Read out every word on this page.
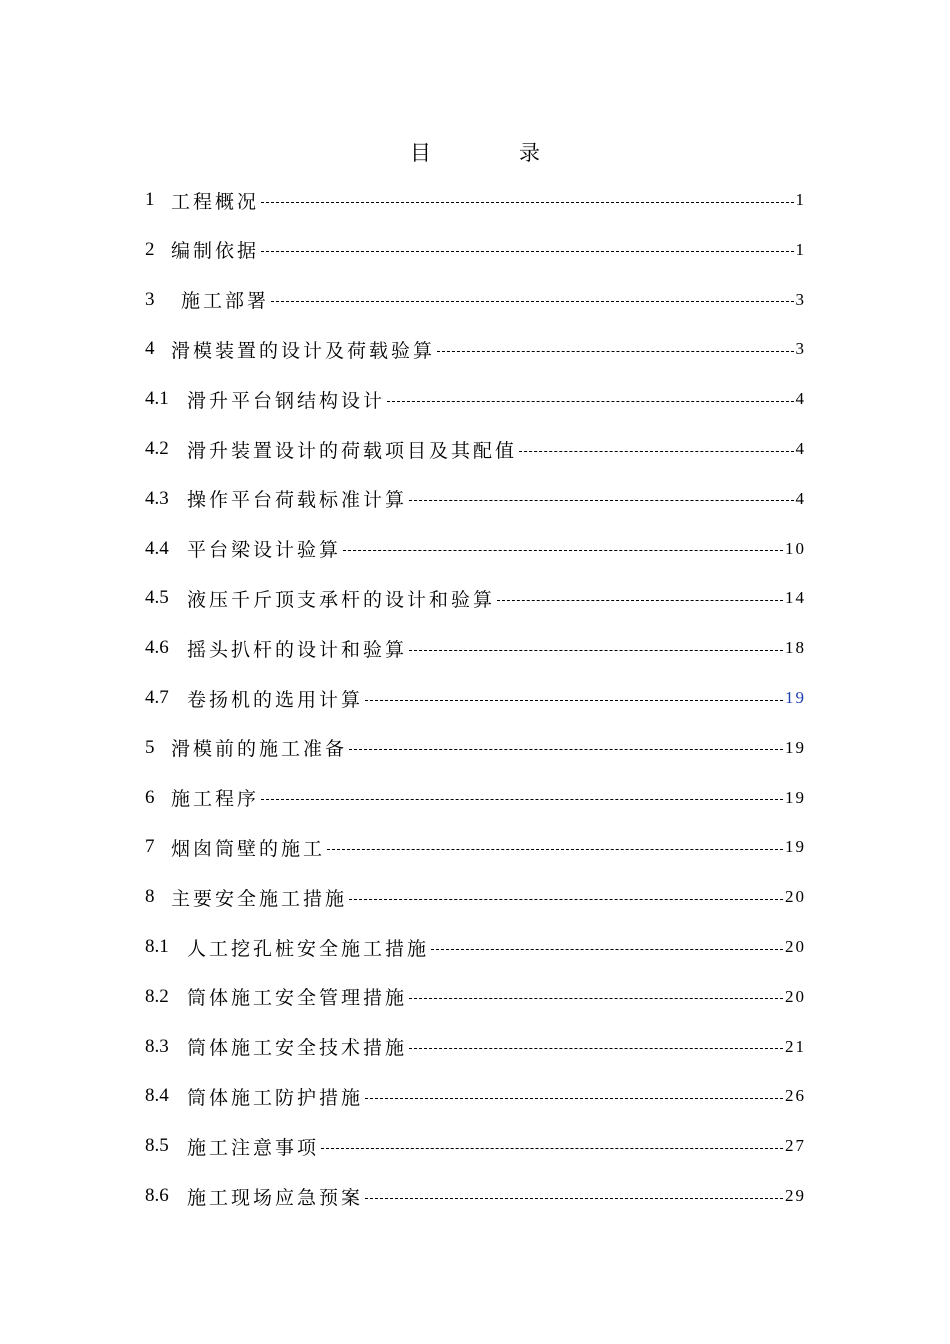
目	录
1 工程概况	1
2 编制依据	1
3	施工部署	3
4 滑模装置的设计及荷载验算	3
4.1 滑升平台钢结构设计	4
4.2 滑升装置设计的荷载项目及其配值	4
4.3 操作平台荷载标准计算	4
4.4 平台梁设计验算	10
4.5 液压千斤顶支承杆的设计和验算	14
4.6 摇头扒杆的设计和验算	18
4.7 卷扬机的选用计算	19
5 滑模前的施工准备	19
6 施工程序	19
7 烟囱筒壁的施工	19
8 主要安全施工措施	20
8.1 人工挖孔桩安全施工措施	20
8.2 筒体施工安全管理措施	20
8.3 筒体施工安全技术措施	21
8.4 筒体施工防护措施	26
8.5 施工注意事项	27
8.6 施工现场应急预案	29
